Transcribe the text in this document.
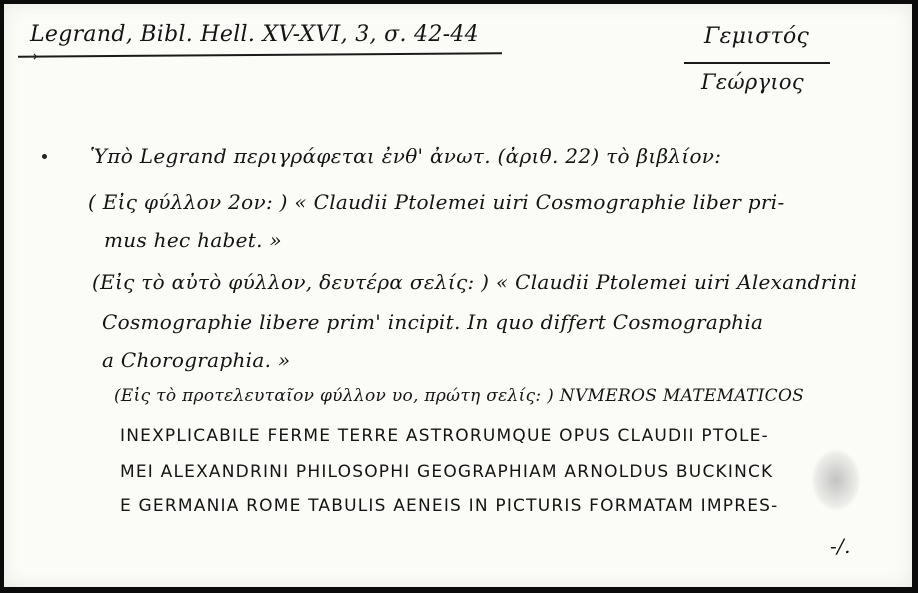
Legrand, Bibl. Hell. XV-XVI, 3, σ. 42-44
→
Γεμιστός
Γεώργιος
Ὑπὸ Legrand περιγράφεται ἐνθ' ἀνωτ. (ἀριθ. 22) τὸ βιβλίον:
( Εἰς φύλλον 2ον: ) « Claudii Ptolemei uiri Cosmographie liber pri-
mus hec habet. »
(Εἰς τὸ αὐτὸ φύλλον, δευτέρα σελίς: ) « Claudii Ptolemei uiri Alexandrini
Cosmographie libere prim' incipit. In quo differt Cosmographia
a Chorographia. »
(Εἰς τὸ προτελευταῖον φύλλον υο, πρώτη σελίς: ) NVMEROS MATEMATICOS
INEXPLICABILE FERME TERRE ASTRORUMQUE OPUS CLAUDII PTOLE-
MEI ALEXANDRINI PHILOSOPHI GEOGRAPHIAM ARNOLDUS BUCKINCK
E GERMANIA ROME TABULIS AENEIS IN PICTURIS FORMATAM IMPRES-
-/.
